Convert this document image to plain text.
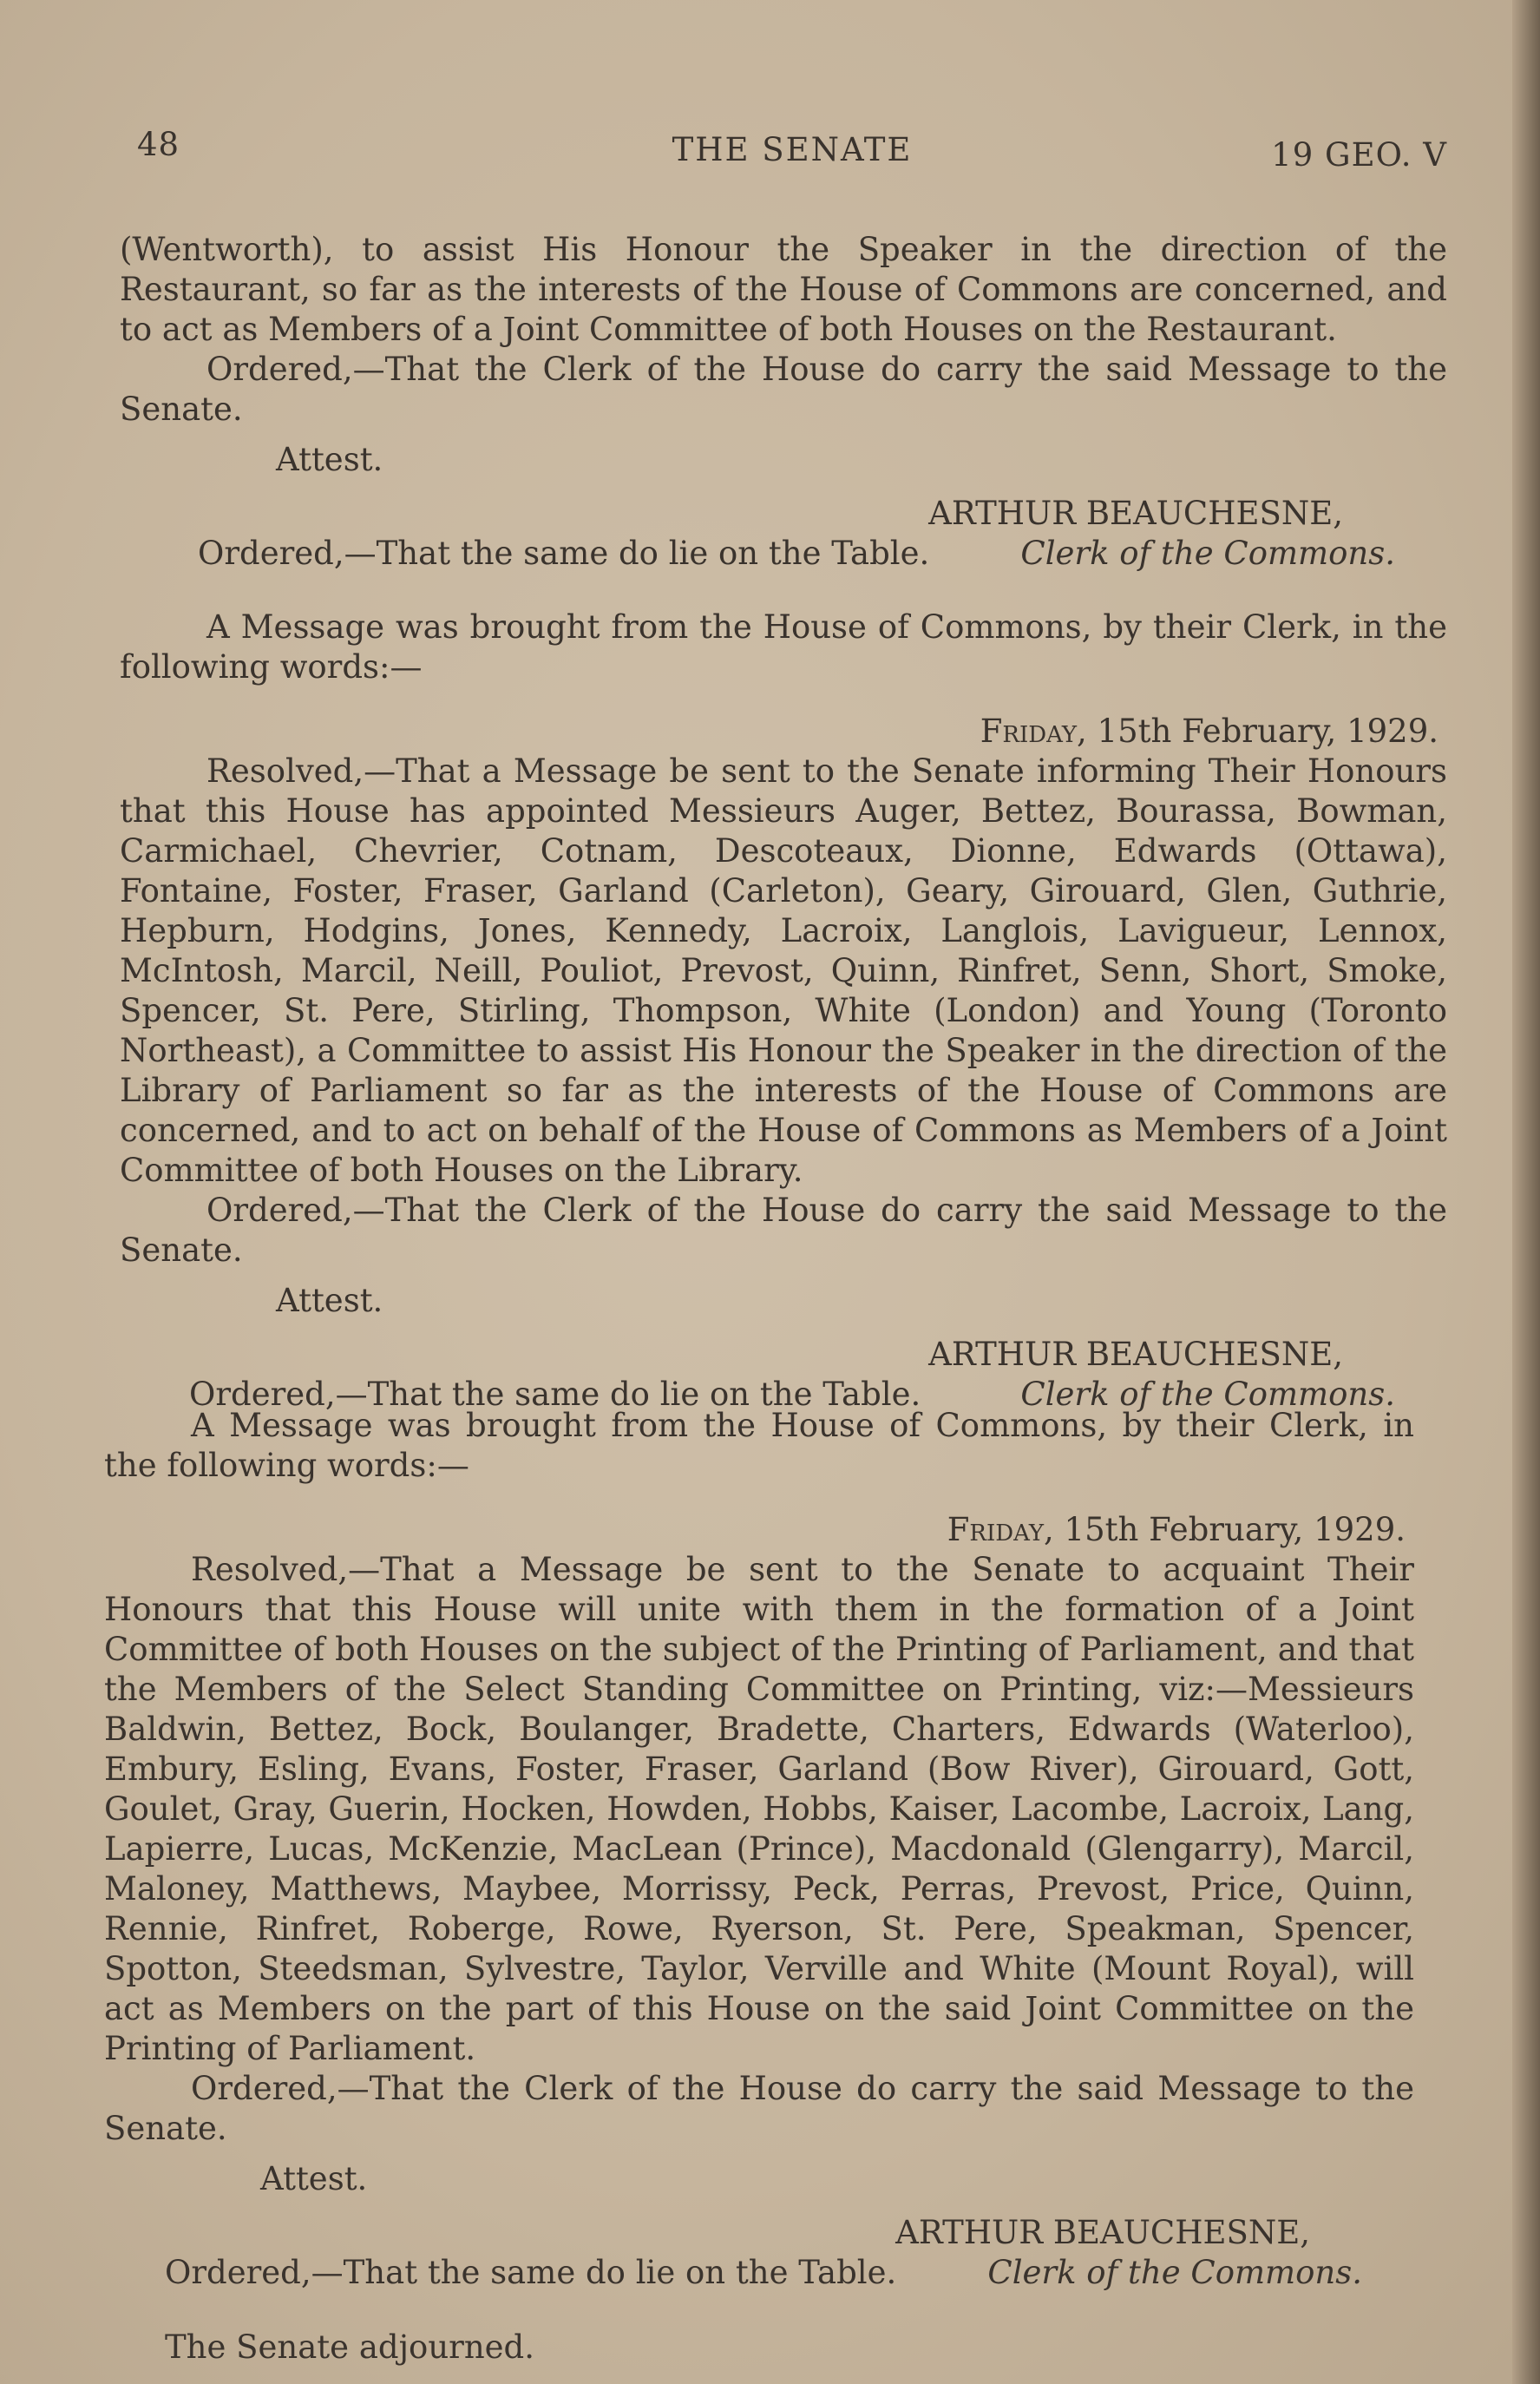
48	THE SENATE	19 GEO. V

(Wentworth), to assist His Honour the Speaker in the direction of the Restaurant, so far as the interests of the House of Commons are concerned, and to act as Members of a Joint Committee of both Houses on the Restaurant.

Ordered,—That the Clerk of the House do carry the said Message to the Senate.

Attest.

ARTHUR BEAUCHESNE,

Ordered,—That the same do lie on the Table.	Clerk of the Commons.

A Message was brought from the House of Commons, by their Clerk, in the following words:—

Friday, 15th February, 1929.

Resolved,—That a Message be sent to the Senate informing Their Honours that this House has appointed Messieurs Auger, Bettez, Bourassa, Bowman, Carmichael, Chevrier, Cotnam, Descoteaux, Dionne, Edwards (Ottawa), Fontaine, Foster, Fraser, Garland (Carleton), Geary, Girouard, Glen, Guthrie, Hepburn, Hodgins, Jones, Kennedy, Lacroix, Langlois, Lavigueur, Lennox, McIntosh, Marcil, Neill, Pouliot, Prevost, Quinn, Rinfret, Senn, Short, Smoke, Spencer, St. Pere, Stirling, Thompson, White (London) and Young (Toronto Northeast), a Committee to assist His Honour the Speaker in the direction of the Library of Parliament so far as the interests of the House of Commons are concerned, and to act on behalf of the House of Commons as Members of a Joint Committee of both Houses on the Library.

Ordered,—That the Clerk of the House do carry the said Message to the Senate.

Attest.

ARTHUR BEAUCHESNE,

Ordered,—That the same do lie on the Table.	Clerk of the Commons.

A Message was brought from the House of Commons, by their Clerk, in the following words:—

Friday, 15th February, 1929.

Resolved,—That a Message be sent to the Senate to acquaint Their Honours that this House will unite with them in the formation of a Joint Committee of both Houses on the subject of the Printing of Parliament, and that the Members of the Select Standing Committee on Printing, viz:—Messieurs Baldwin, Bettez, Bock, Boulanger, Bradette, Charters, Edwards (Waterloo), Embury, Esling, Evans, Foster, Fraser, Garland (Bow River), Girouard, Gott, Goulet, Gray, Guerin, Hocken, Howden, Hobbs, Kaiser, Lacombe, Lacroix, Lang, Lapierre, Lucas, McKenzie, MacLean (Prince), Macdonald (Glengarry), Marcil, Maloney, Matthews, Maybee, Morrissy, Peck, Perras, Prevost, Price, Quinn, Rennie, Rinfret, Roberge, Rowe, Ryerson, St. Pere, Speakman, Spencer, Spotton, Steedsman, Sylvestre, Taylor, Verville and White (Mount Royal), will act as Members on the part of this House on the said Joint Committee on the Printing of Parliament.

Ordered,—That the Clerk of the House do carry the said Message to the Senate.

Attest.

ARTHUR BEAUCHESNE,

Ordered,—That the same do lie on the Table.	Clerk of the Commons.

The Senate adjourned.
